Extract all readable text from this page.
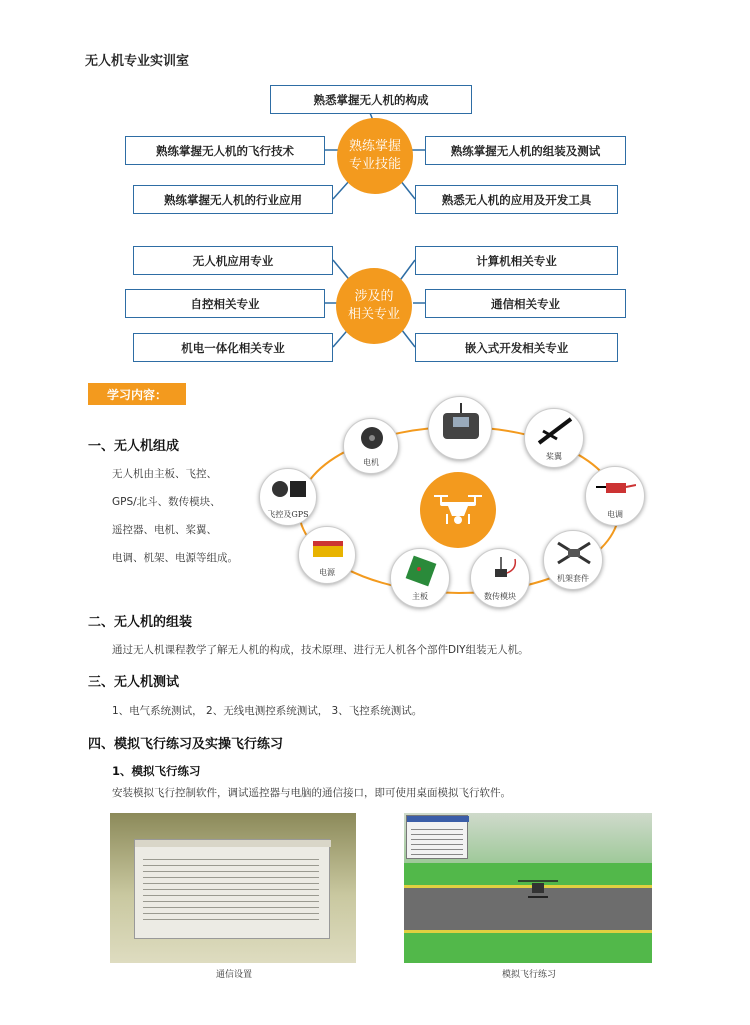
无人机专业实训室
熟悉掌握无人机的构成
熟练掌握无人机的飞行技术	熟练掌握无人机的组装及测试
熟练掌握无人机的行业应用	熟悉无人机的应用及开发工具
熟练掌握
专业技能
无人机应用专业	计算机相关专业
自控相关专业	通信相关专业
机电一体化相关专业	嵌入式开发相关专业
涉及的
相关专业
学习内容：
一、无人机组成
无人机由主板、飞控、
GPS/北斗、数传模块、
遥控器、电机、桨翼、
电调、机架、电源等组成。
电机
桨翼
飞控及GPS	电调
电源
机架套件
主板	数传模块
二、无人机的组装
通过无人机课程教学了解无人机的构成，技术原理、进行无人机各个部件DIY组装无人机。
三、无人机测试
1、电气系统测试， 2、无线电测控系统测试， 3、飞控系统测试。
四、模拟飞行练习及实操飞行练习
1、模拟飞行练习
安装模拟飞行控制软件，调试遥控器与电脑的通信接口，即可使用桌面模拟飞行软件。
通信设置	模拟飞行练习
